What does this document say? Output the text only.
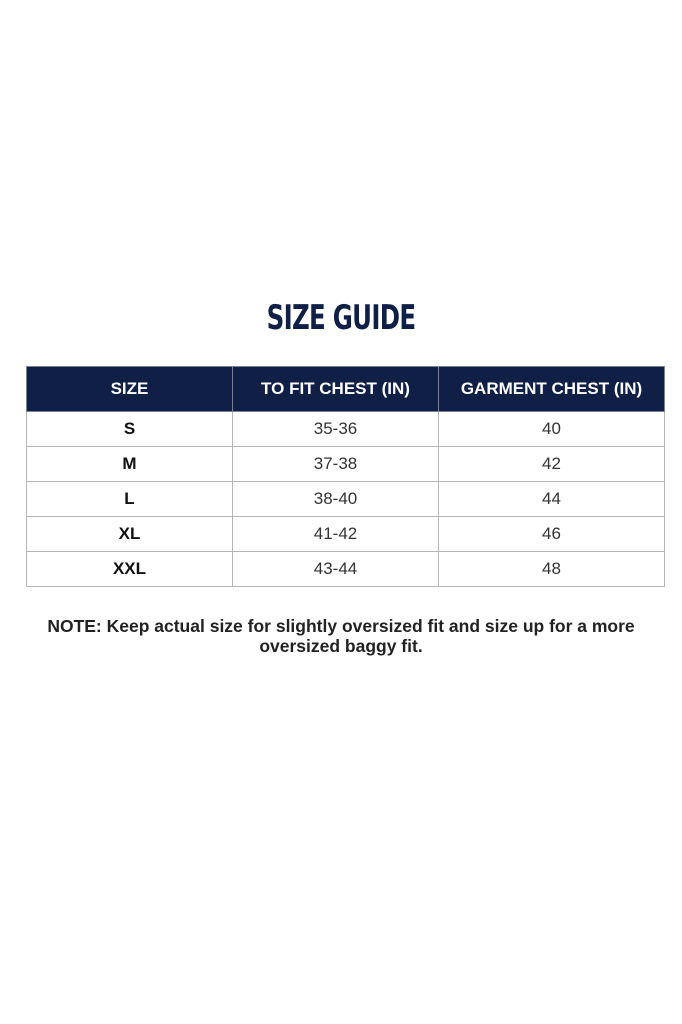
SIZE GUIDE
SIZE	TO FIT CHEST (IN)	GARMENT CHEST (IN)
S	35-36	40
M	37-38	42
L	38-40	44
XL	41-42	46
XXL	43-44	48
NOTE: Keep actual size for slightly oversized fit and size up for a more oversized baggy fit.
